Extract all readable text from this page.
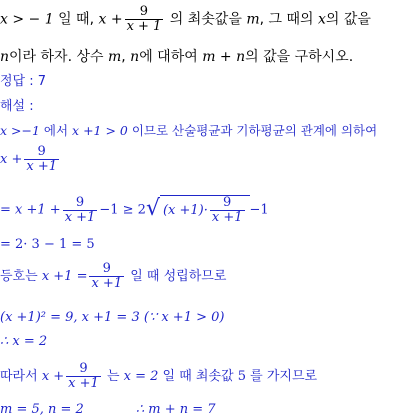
x > − 1 일 때, $x + \frac{9}{x + 1}$ 의 최솟값을 m, 그 때의 x의 값을
n이라 하자. 상수 m, n에 대하여 m + n의 값을 구하시오.
정답 : 7
해설 :
x >−1 에서 x +1 > 0 이므로 산술평균과 기하평균의 관계에 의하여
$x + \frac{9}{x +1}$
= $x +1 + \frac{9}{x +1} -1 \ge 2$ √ $(x +1)\cdot \frac{9}{x +1} -1$
= 2· 3 − 1 = 5
등호는 $x +1 = \frac{9}{x +1}$ 일 때 성립하므로
(x +1)² = 9, x +1 = 3 (∵ x +1 > 0)
∴ x = 2
따라서 $x + \frac{9}{x +1}$ 는 x = 2 일 때 최솟값 5 를 가지므로
m = 5, n = 2	∴ m + n = 7
